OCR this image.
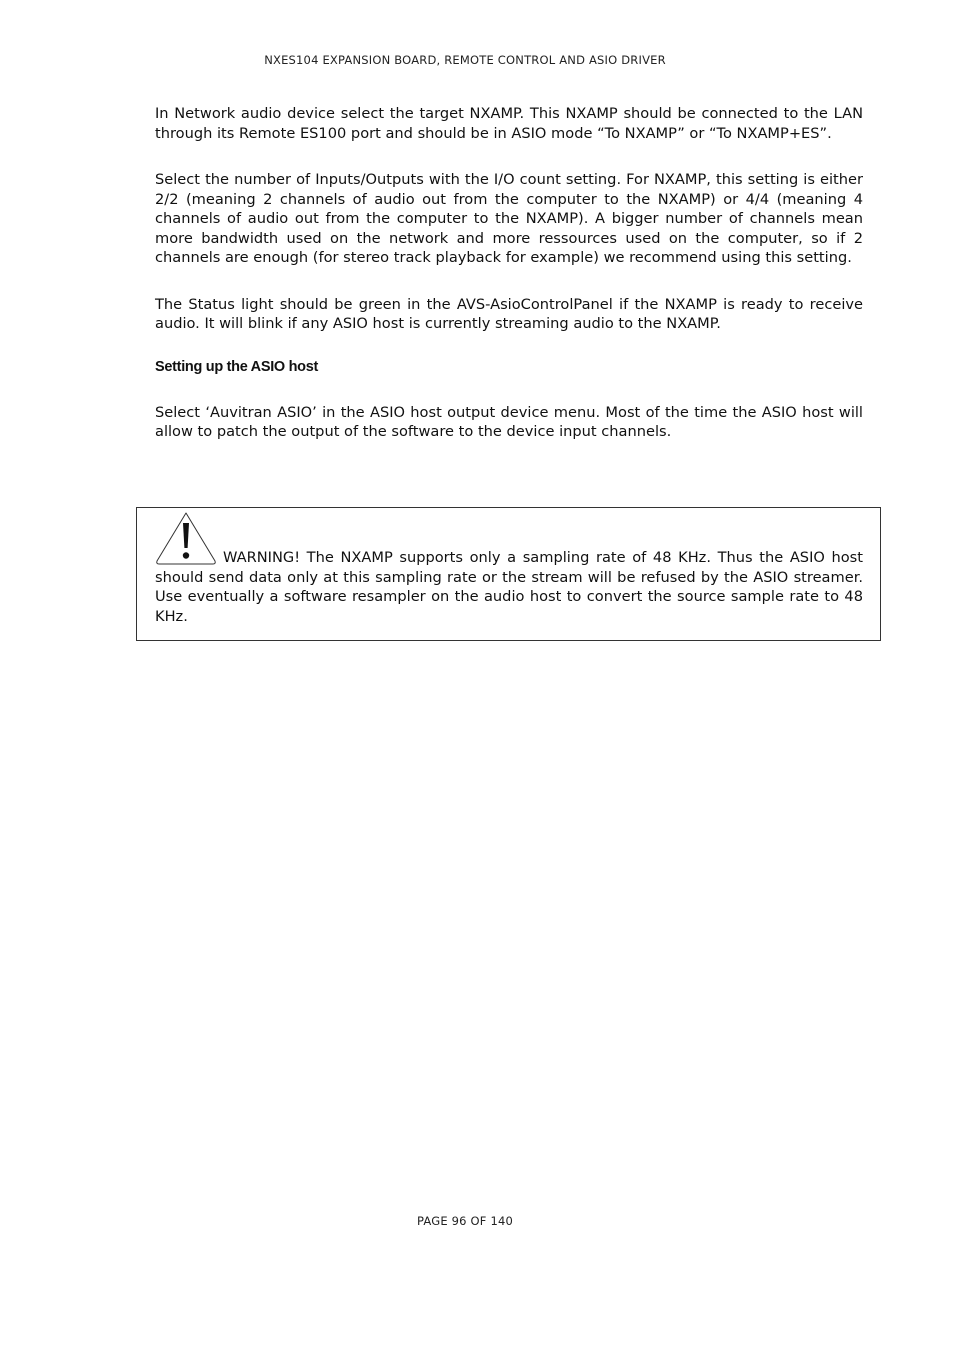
NXES104 EXPANSION BOARD, REMOTE CONTROL AND ASIO DRIVER

In Network audio device select the target NXAMP. This NXAMP should be connected to the LAN through its Remote ES100 port and should be in ASIO mode “To NXAMP” or “To NXAMP+ES”.

Select the number of Inputs/Outputs with the I/O count setting. For NXAMP, this setting is either 2/2 (meaning 2 channels of audio out from the computer to the NXAMP) or 4/4 (meaning 4 channels of audio out from the computer to the NXAMP). A bigger number of channels mean more bandwidth used on the network and more ressources used on the computer, so if 2 channels are enough (for stereo track playback for example) we recommend using this setting.

The Status light should be green in the AVS-AsioControlPanel if the NXAMP is ready to receive audio. It will blink if any ASIO host is currently streaming audio to the NXAMP.

Setting up the ASIO host

Select ‘Auvitran ASIO’ in the ASIO host output device menu. Most of the time the ASIO host will allow to patch the output of the software to the device input channels.

WARNING! The NXAMP supports only a sampling rate of 48 KHz. Thus the ASIO host should send data only at this sampling rate or the stream will be refused by the ASIO streamer. Use eventually a software resampler on the audio host to convert the source sample rate to 48 KHz.

PAGE 96 OF 140
